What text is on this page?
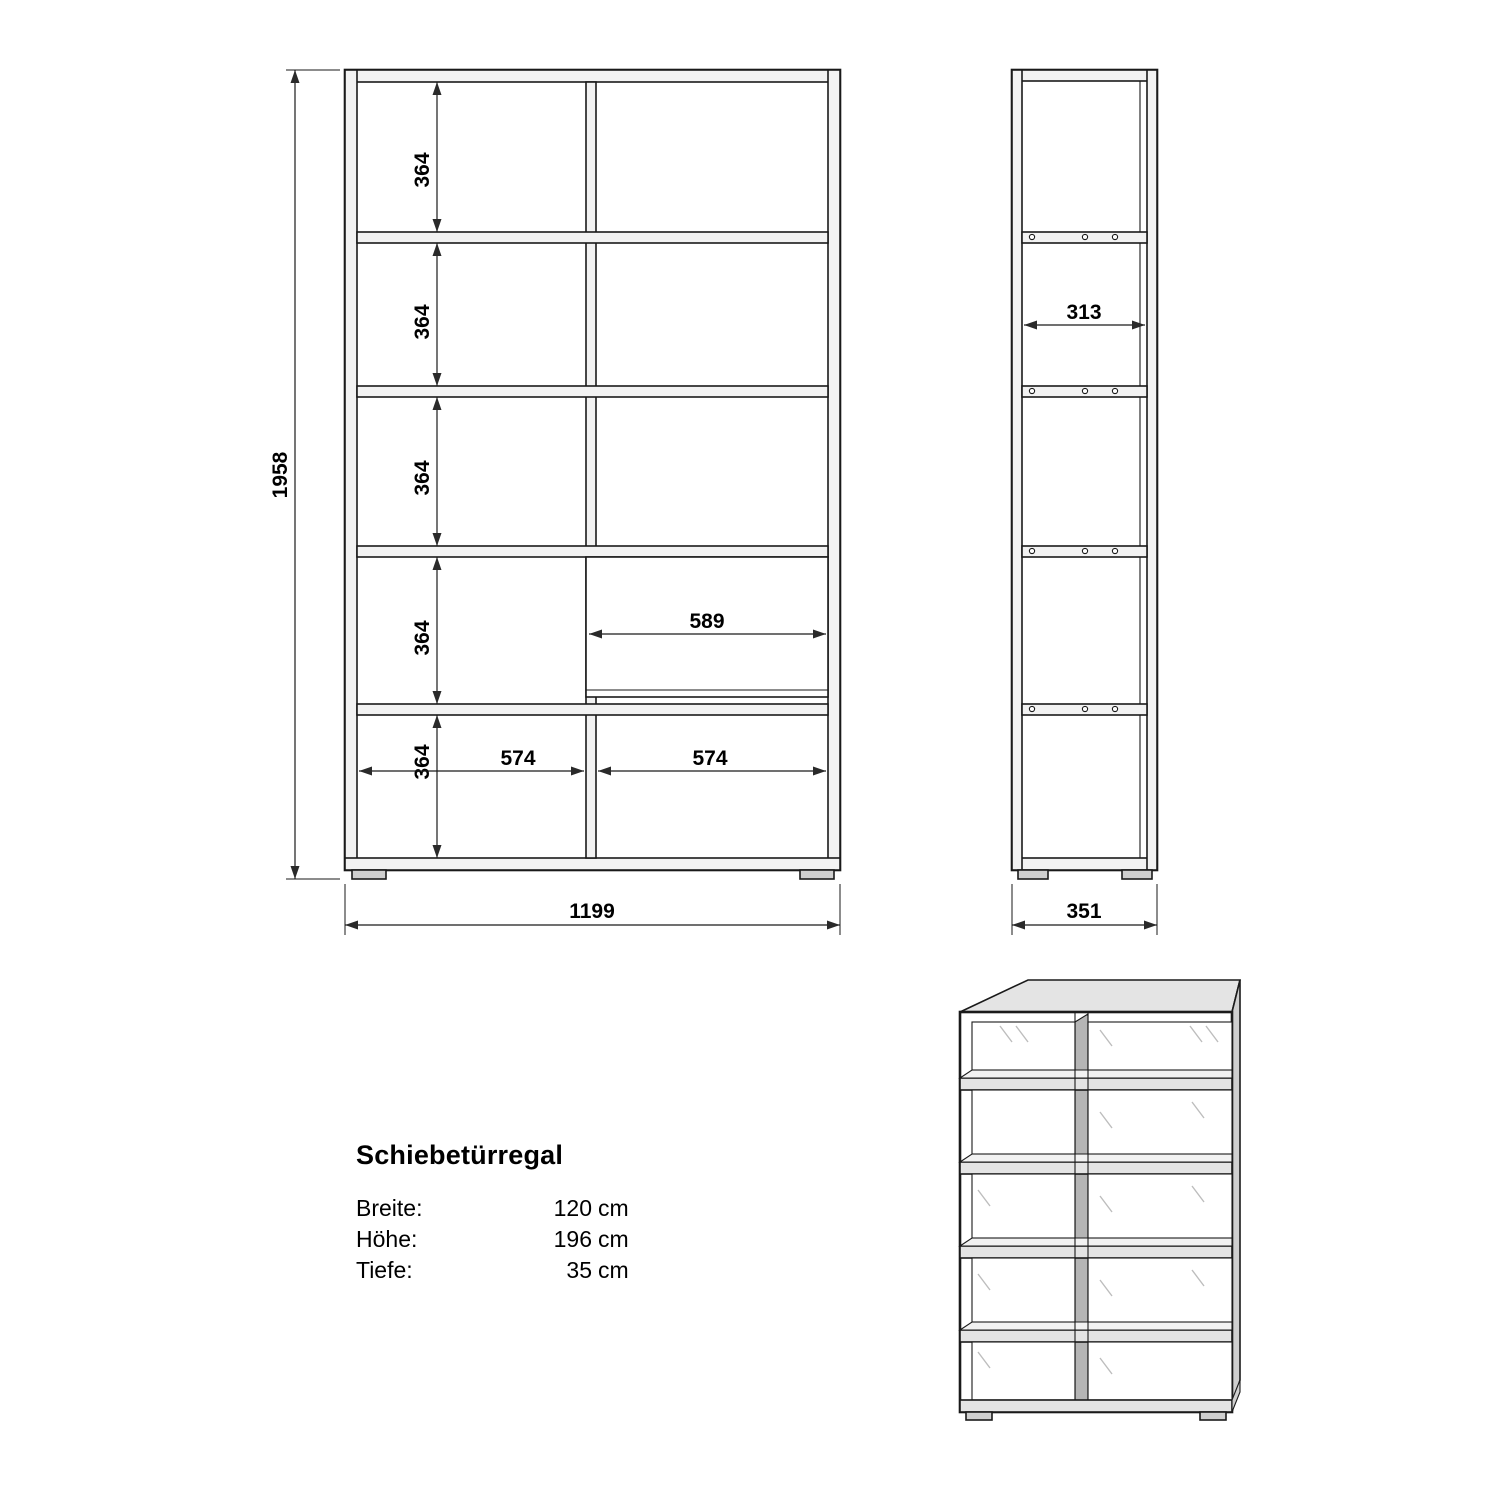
1958
364
364
364
364
364
589
574	574
1199
313
351
Schiebetürregal
Breite:	120 cm
Höhe:	196 cm
Tiefe:	35 cm
